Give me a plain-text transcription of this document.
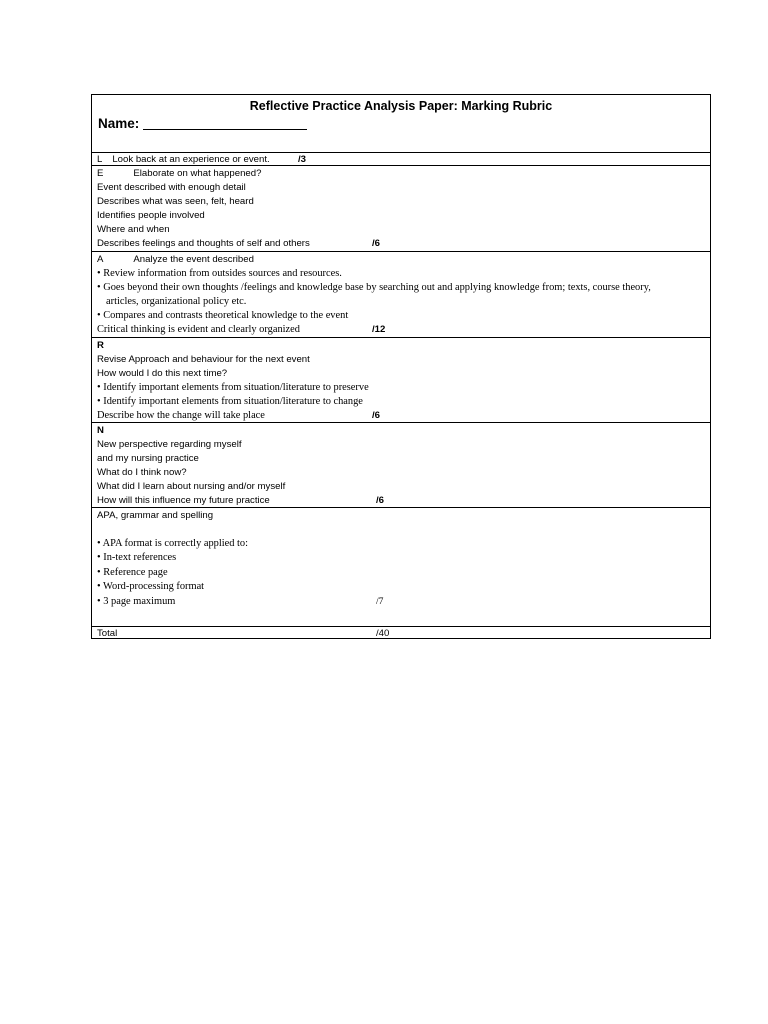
Reflective Practice Analysis Paper: Marking Rubric
Name:
L Look back at an experience or event.	/3
E	Elaborate on what happened?
Event described with enough detail
Describes what was seen, felt, heard
Identifies people involved
Where and when
Describes feelings and thoughts of self and others	/6
A	Analyze the event described
• Review information from outsides sources and resources.
• Goes beyond their own thoughts /feelings and knowledge base by searching out and applying knowledge from; texts, course theory,
articles, organizational policy etc.
• Compares and contrasts theoretical knowledge to the event
Critical thinking is evident and clearly organized	/12
R
Revise Approach and behaviour for the next event
How would I do this next time?
• Identify important elements from situation/literature to preserve
• Identify important elements from situation/literature to change
Describe how the change will take place	/6
N
New perspective regarding myself
and my nursing practice
What do I think now?
What did I learn about nursing and/or myself
How will this influence my future practice	/6
APA, grammar and spelling
• APA format is correctly applied to:
• In-text references
• Reference page
• Word-processing format
• 3 page maximum	/7
Total	/40
